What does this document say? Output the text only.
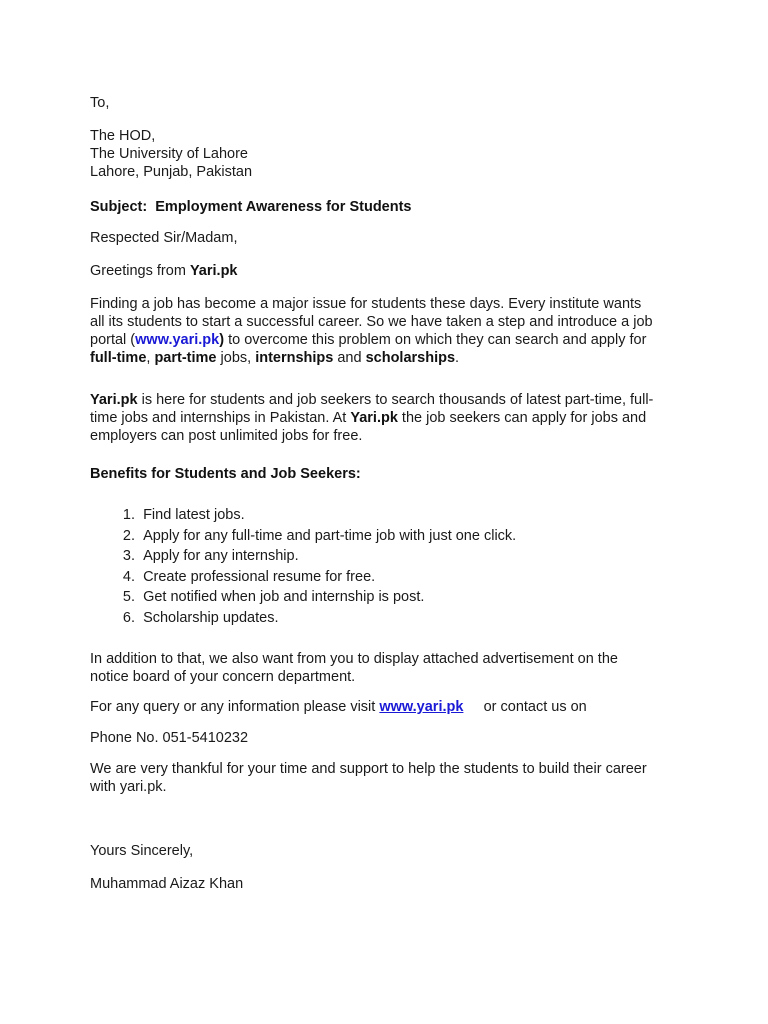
To,

The HOD,
The University of Lahore
Lahore, Punjab, Pakistan

Subject: Employment Awareness for Students

Respected Sir/Madam,

Greetings from Yari.pk

Finding a job has become a major issue for students these days. Every institute wants
all its students to start a successful career. So we have taken a step and introduce a job
portal (www.yari.pk) to overcome this problem on which they can search and apply for
full-time, part-time jobs, internships and scholarships.

Yari.pk is here for students and job seekers to search thousands of latest part-time, full-
time jobs and internships in Pakistan. At Yari.pk the job seekers can apply for jobs and
employers can post unlimited jobs for free.

Benefits for Students and Job Seekers:

1. Find latest jobs.
2. Apply for any full-time and part-time job with just one click.
3. Apply for any internship.
4. Create professional resume for free.
5. Get notified when job and internship is post.
6. Scholarship updates.

In addition to that, we also want from you to display attached advertisement on the
notice board of your concern department.

For any query or any information please visit www.yari.pk or contact us on

Phone No. 051-5410232

We are very thankful for your time and support to help the students to build their career
with yari.pk.

Yours Sincerely,

Muhammad Aizaz Khan
